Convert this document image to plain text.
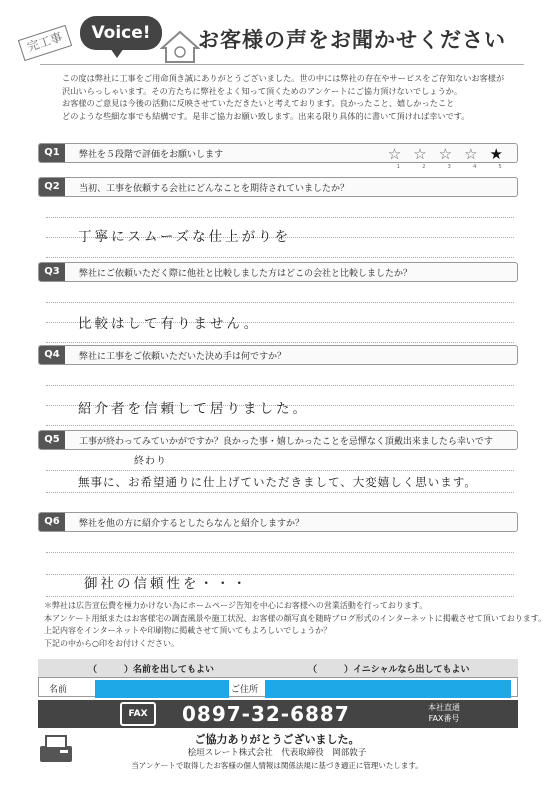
完工事	Voice!	お客様の声をお聞かせください

この度は弊社に工事をご用命頂き誠にありがとうございました。世の中には弊社の存在やサービスをご存知ないお客様が

沢山いらっしゃいます。その方たちに弊社をよく知って頂くためのアンケートにご協力頂けないでしょうか。

お客様のご意見は今後の活動に反映させていただきたいと考えております。良かったこと、嬉しかったこと

どのような些細な事でも結構です。是非ご協力お願い致します。出来る限り具体的に書いて頂ければ幸いです。

Q1	弊社を５段階で評価をお願いします	☆
1
☆
2
☆
3
☆
4
★
5
Q2	当初、工事を依頼する会社にどんなことを期待されていましたか？
丁寧にスムーズな仕上がりを
Q3	弊社にご依頼いただく際に他社と比較しました方はどこの会社と比較しましたか？
比較はして有りません。
Q4	弊社に工事をご依頼いただいた決め手は何ですか？
紹介者を信頼して居りました。
Q5	工事が終わってみていかがですか？良かった事・嬉しかったことを忌憚なく頂戴出来ましたら幸いです
終わり
無事に、お希望通りに仕上げていただきまして、大変嬉しく思います。
Q6	弊社を他の方に紹介するとしたらなんと紹介しますか？
御社の信頼性を・・・

＊弊社は広告宣伝費を極力かけない為にホームページ告知を中心にお客様への営業活動を行っております。

本アンケート用紙またはお客様宅の調査風景や施工状況、お客様の顔写真を随時ブログ形式のインターネットに掲載させて頂いております。

上記内容をインターネットや印刷物に掲載させて頂いてもよろしいでしょうか？

下記の中から○印をお付けください。

（　　　）名前を出してもよい	（　　　）イニシャルなら出してもよい
名前	ご住所
FAX	0897-32-6887	本社直通
FAX番号
ご協力ありがとうございました。
桧垣スレート株式会社　代表取締役　岡部敦子
当アンケートで取得したお客様の個人情報は関係法規に基づき適正に管理いたします。
